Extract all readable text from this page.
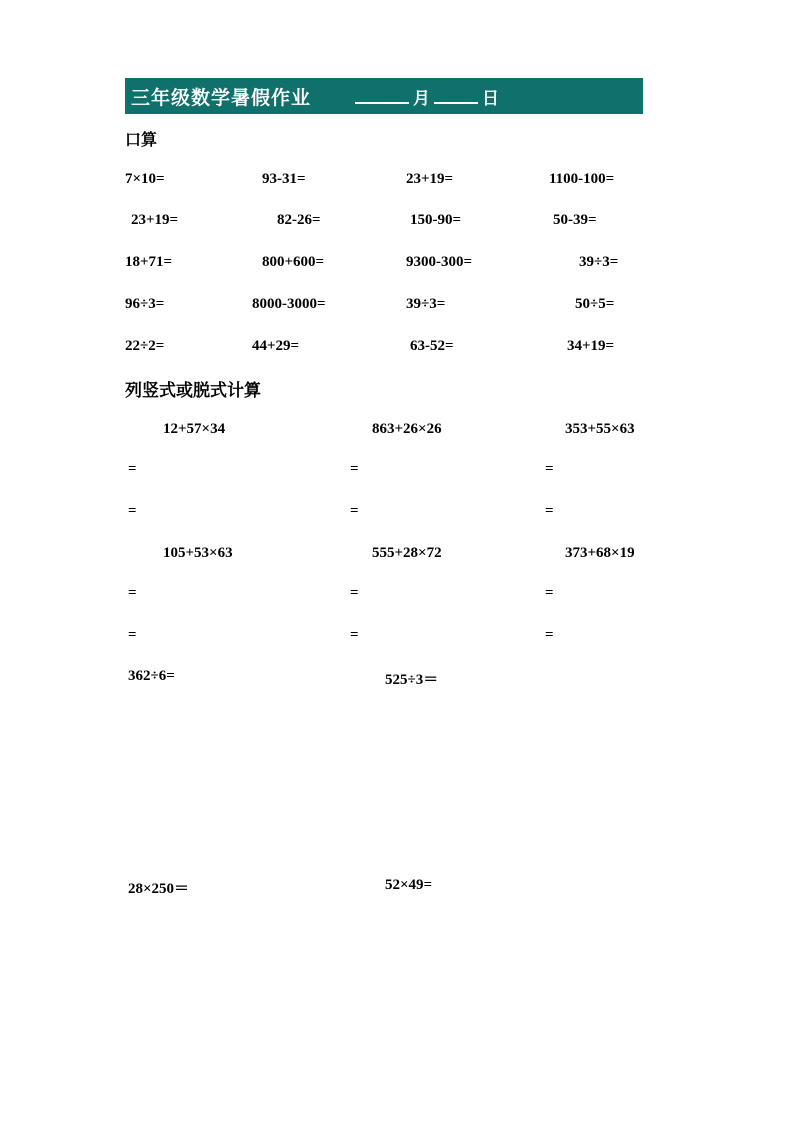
三年级数学暑假作业	月	日
口算
7×10=	93-31=	23+19=	1100-100=
23+19=	82-26=	150-90=	50-39=
18+71=	800+600=	9300-300=	39÷3=
96÷3=	8000-3000=	39÷3=	50÷5=
22÷2=	44+29=	63-52=	34+19=
列竖式或脱式计算
12+57×34	863+26×26	353+55×63
=	=	=
=	=	=
105+53×63	555+28×72	373+68×19
=	=	=
=	=	=
362÷6=	525÷3＝
28×250＝	52×49=
